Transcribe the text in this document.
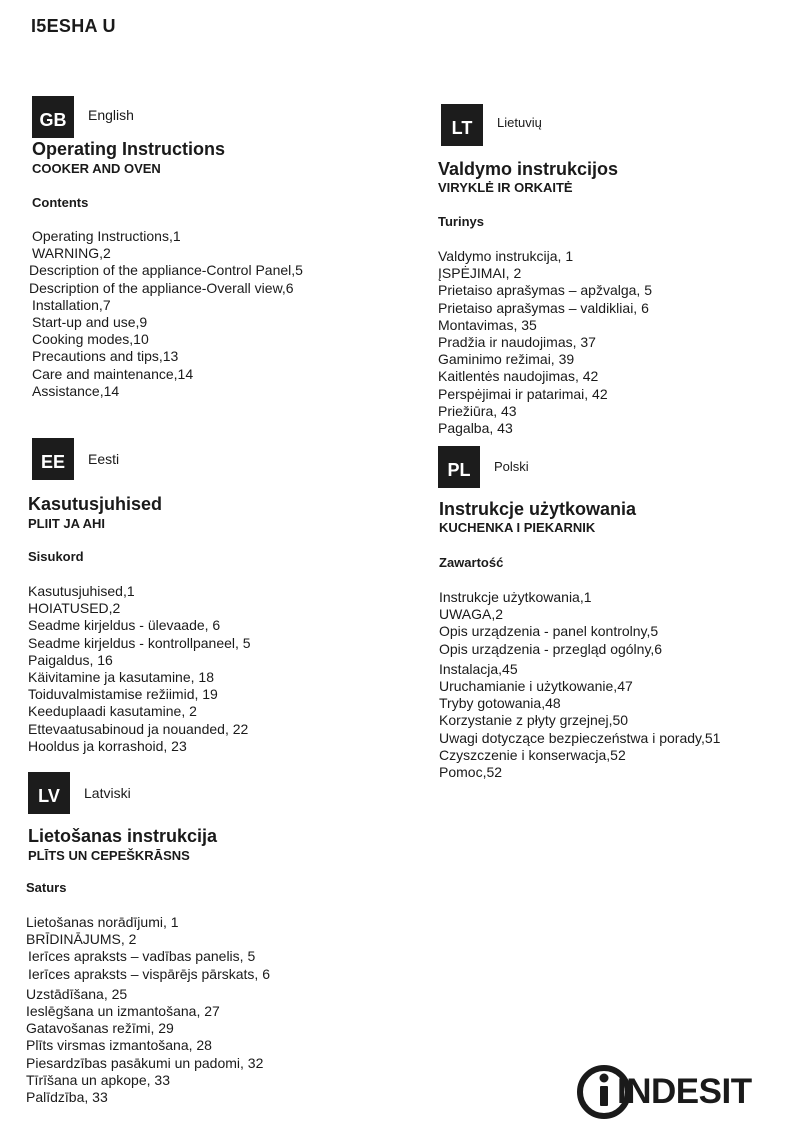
I5ESHA U
GB	English
Operating Instructions
COOKER AND OVEN
Contents
Operating Instructions,1
WARNING,2
Description of the appliance-Control Panel,5
Description of the appliance-Overall view,6
Installation,7
Start-up and use,9
Cooking modes,10
Precautions and tips,13
Care and maintenance,14
Assistance,14
EE	Eesti
Kasutusjuhised
PLIIT JA AHI
Sisukord
Kasutusjuhised,1
HOIATUSED,2
Seadme kirjeldus - ülevaade, 6
Seadme kirjeldus - kontrollpaneel, 5
Paigaldus, 16
Käivitamine ja kasutamine, 18
Toiduvalmistamise režiimid, 19
Keeduplaadi kasutamine, 2
Ettevaatusabinoud ja nouanded, 22
Hooldus ja korrashoid, 23
LV	Latviski
Lietošanas instrukcija
PLĪTS UN CEPEŠKRĀSNS
Saturs
Lietošanas norādījumi, 1
BRĪDINĀJUMS, 2
Ierīces apraksts – vadības panelis, 5
Ierīces apraksts – vispārējs pārskats, 6
Uzstādīšana, 25
Ieslēgšana un izmantošana, 27
Gatavošanas režīmi, 29
Plīts virsmas izmantošana, 28
Piesardzības pasākumi un padomi, 32
Tīrīšana un apkope, 33
Palīdzība, 33
LT	Lietuvių
Valdymo instrukcijos
VIRYKLĖ IR ORKAITĖ
Turinys
Valdymo instrukcija, 1
ĮSPĖJIMAI, 2
Prietaiso aprašymas – apžvalga, 5
Prietaiso aprašymas – valdikliai, 6
Montavimas, 35
Pradžia ir naudojimas, 37
Gaminimo režimai, 39
Kaitlentės naudojimas, 42
Perspėjimai ir patarimai, 42
Priežiūra, 43
Pagalba, 43
PL	Polski
Instrukcje użytkowania
KUCHENKA I PIEKARNIK
Zawartość
Instrukcje użytkowania,1
UWAGA,2
Opis urządzenia - panel kontrolny,5
Opis urządzenia - przegląd ogólny,6
Instalacja,45
Uruchamianie i użytkowanie,47
Tryby gotowania,48
Korzystanie z płyty grzejnej,50
Uwagi dotyczące bezpieczeństwa i porady,51
Czyszczenie i konserwacja,52
Pomoc,52
INDESIT
